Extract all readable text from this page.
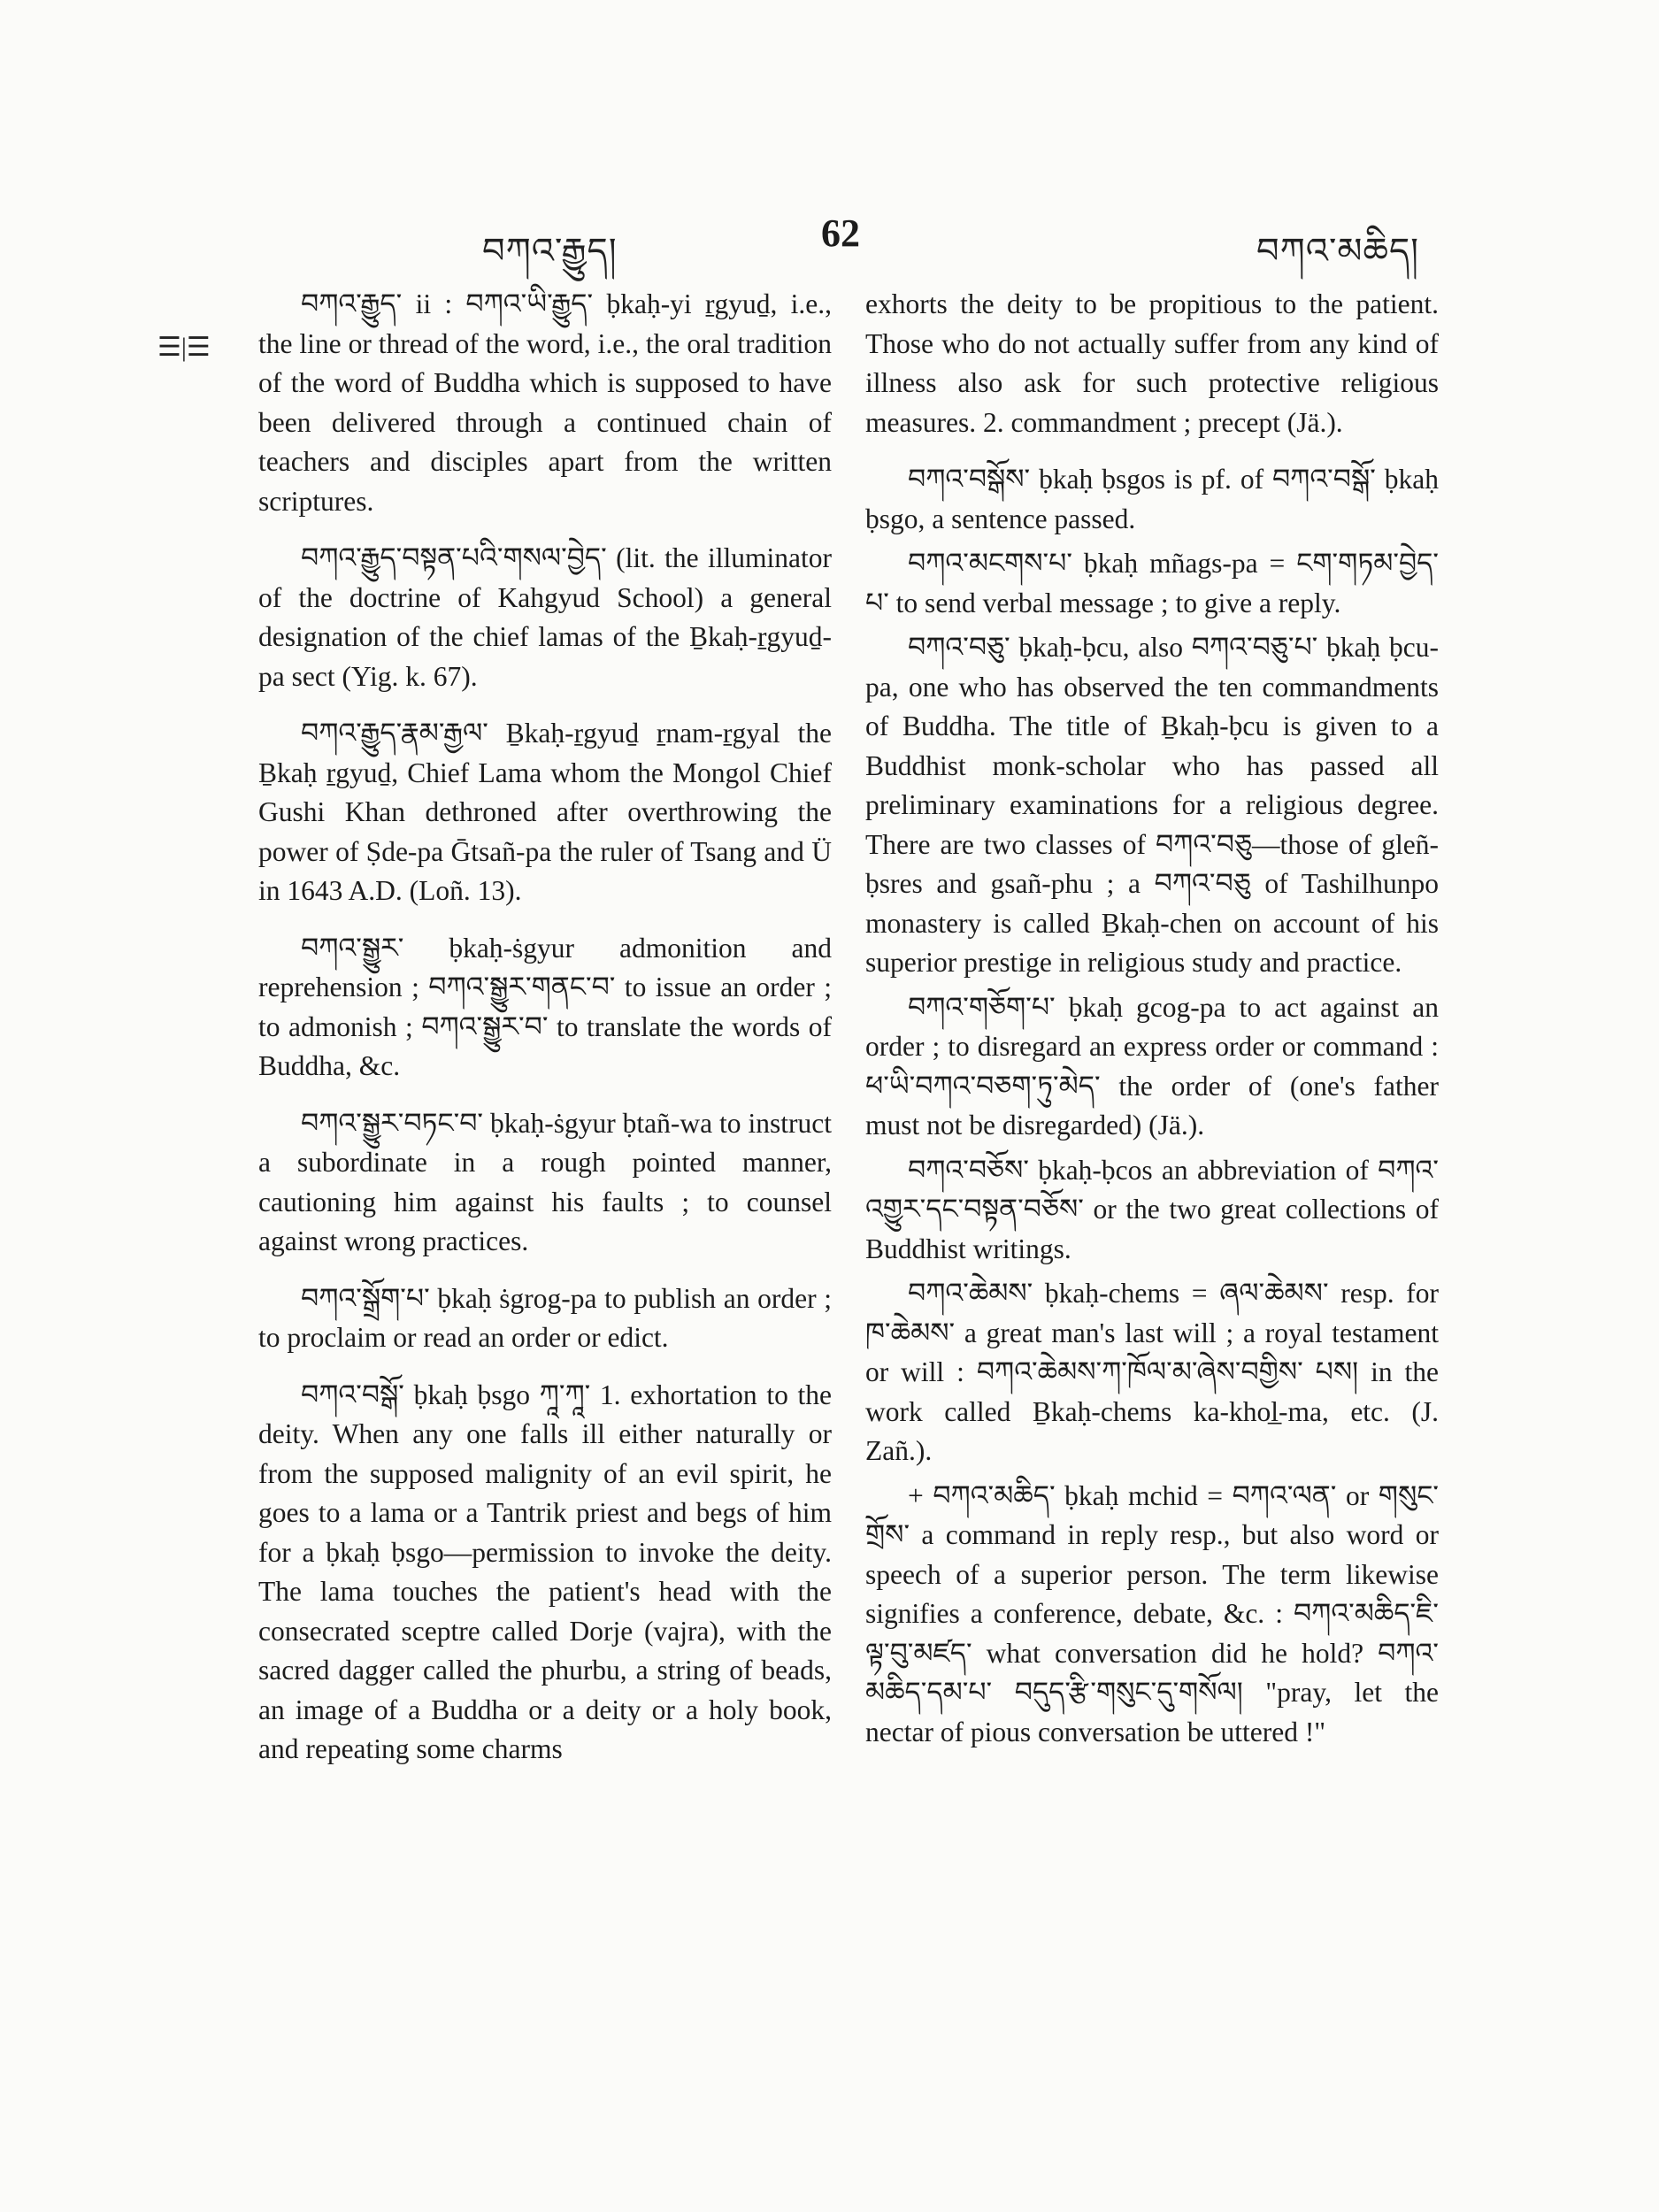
བཀའ་རྒྱུད།	62	བཀའ་མཆིད།
☰|☰

བཀའ་རྒྱུད་ ii : བཀའ་ཡི་རྒྱུད་ ḅkaḥ-yi ṟgyuḏ, i.e., the line or thread of the word, i.e., the oral tradition of the word of Buddha which is supposed to have been delivered through a continued chain of teachers and disciples apart from the written scriptures.

བཀའ་རྒྱུད་བསྟན་པའི་གསལ་བྱེད་ (lit. the illuminator of the doctrine of Kahgyud School) a general designation of the chief lamas of the Ḇkaḥ-ṟgyuḏ-pa sect (Yig. k. 67).

བཀའ་རྒྱུད་རྣམ་རྒྱལ་ Ḇkaḥ-ṟgyuḏ ṟnam-ṟgyal the Ḇkaḥ ṟgyuḏ, Chief Lama whom the Mongol Chief Gushi Khan dethroned after overthrowing the power of Ṣde-pa Ḡtsañ-pa the ruler of Tsang and Ü in 1643 A.D. (Loñ. 13).

བཀའ་སྒྱུར་ ḅkaḥ-ṡgyur admonition and reprehension ; བཀའ་སྒྱུར་གནང་བ་ to issue an order ; to admonish ; བཀའ་སྒྱུར་བ་ to translate the words of Buddha, &c.

བཀའ་སྒྱུར་བཏང་བ་ ḅkaḥ-ṡgyur ḅtañ-wa to instruct a subordinate in a rough pointed manner, cautioning him against his faults ; to counsel against wrong practices.

བཀའ་སྒྲོག་པ་ ḅkaḥ ṡgrog-pa to publish an order ; to proclaim or read an order or edict.

བཀའ་བསྒོ་ ḅkaḥ ḅsgo ཀཱ་ཀཱ་ 1. exhortation to the deity. When any one falls ill either naturally or from the supposed malignity of an evil spirit, he goes to a lama or a Tantrik priest and begs of him for a ḅkaḥ ḅsgo—permission to invoke the deity. The lama touches the patient's head with the consecrated sceptre called Dorje (vajra), with the sacred dagger called the phurbu, a string of beads, an image of a Buddha or a deity or a holy book, and repeating some charms

exhorts the deity to be propitious to the patient. Those who do not actually suffer from any kind of illness also ask for such protective religious measures. 2. commandment ; precept (Jä.).

བཀའ་བསྒོས་ ḅkaḥ ḅsgos is pf. of བཀའ་བསྒོ་ ḅkaḥ ḅsgo, a sentence passed.

བཀའ་མངགས་པ་ ḅkaḥ mñags-pa = ངག་གཏམ་བྱེད་པ་ to send verbal message ; to give a reply.

བཀའ་བཅུ་ ḅkaḥ-ḅcu, also བཀའ་བཅུ་པ་ ḅkaḥ ḅcu-pa, one who has observed the ten commandments of Buddha. The title of Ḇkaḥ-ḅcu is given to a Buddhist monk-scholar who has passed all preliminary examinations for a religious degree. There are two classes of བཀའ་བཅུ—those of gleñ-ḅsres and gsañ-phu ; a བཀའ་བཅུ of Tashilhunpo monastery is called Ḇkaḥ-chen on account of his superior prestige in religious study and practice.

བཀའ་གཅོག་པ་ ḅkaḥ gcog-pa to act against an order ; to disregard an express order or command : ཕ་ཡི་བཀའ་བཅག་ཏུ་མེད་ the order of (one's father must not be disregarded) (Jä.).

བཀའ་བཅོས་ ḅkaḥ-ḅcos an abbreviation of བཀའ་འགྱུར་དང་བསྟན་བཅོས་ or the two great collections of Buddhist writings.

བཀའ་ཆེམས་ ḅkaḥ-chems = ཞལ་ཆེམས་ resp. for ཁ་ཆེམས་ a great man's last will ; a royal testament or will : བཀའ་ཆེམས་ཀ་ཁོལ་མ་ཞེས་བགྱིས་ པས། in the work called Ḇkaḥ-chems ka-khol̲-ma, etc. (J. Zañ.).

+ བཀའ་མཆིད་ ḅkaḥ mchid = བཀའ་ལན་ or གསུང་ གྲོས་ a command in reply resp., but also word or speech of a superior person. The term likewise signifies a conference, debate, &c. : བཀའ་མཆིད་ཇི་ལྟ་བུ་མཛད་ what conversation did he hold? བཀའ་མཆིད་དམ་པ་ བདུད་རྩི་གསུང་དུ་གསོལ། "pray, let the nectar of pious conversation be uttered !"
